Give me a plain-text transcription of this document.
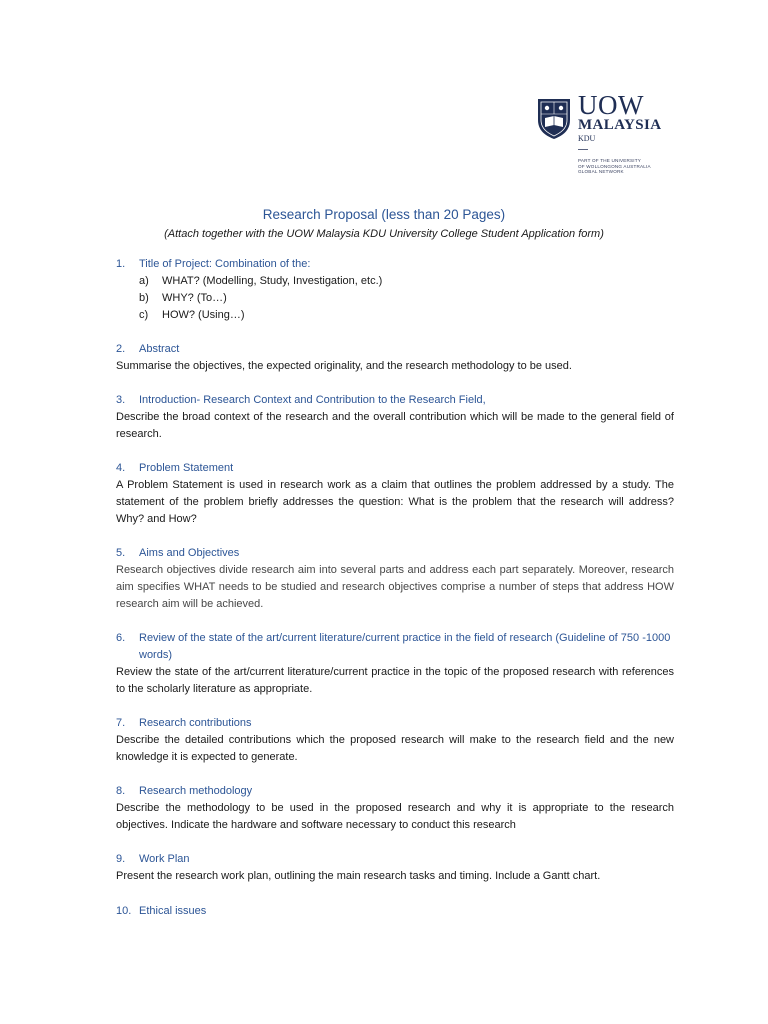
UOW
MALAYSIA
KDU
PART OF THE UNIVERSITY
OF WOLLONGONG AUSTRALIA
GLOBAL NETWORK
Research Proposal (less than 20 Pages)
(Attach together with the UOW Malaysia KDU University College Student Application form)
1. Title of Project: Combination of the:
a) WHAT? (Modelling, Study, Investigation, etc.)
b) WHY? (To…)
c) HOW? (Using…)
2. Abstract
Summarise the objectives, the expected originality, and the research methodology to be used.
3. Introduction- Research Context and Contribution to the Research Field,
Describe the broad context of the research and the overall contribution which will be made to the general field of research.
4. Problem Statement
A Problem Statement is used in research work as a claim that outlines the problem addressed by a study. The statement of the problem briefly addresses the question: What is the problem that the research will address? Why? and How?
5. Aims and Objectives
Research objectives divide research aim into several parts and address each part separately. Moreover, research aim specifies WHAT needs to be studied and research objectives comprise a number of steps that address HOW research aim will be achieved.
6. Review of the state of the art/current literature/current practice in the field of research (Guideline of 750 -1000 words)
Review the state of the art/current literature/current practice in the topic of the proposed research with references to the scholarly literature as appropriate.
7. Research contributions
Describe the detailed contributions which the proposed research will make to the research field and the new knowledge it is expected to generate.
8. Research methodology
Describe the methodology to be used in the proposed research and why it is appropriate to the research objectives. Indicate the hardware and software necessary to conduct this research
9. Work Plan
Present the research work plan, outlining the main research tasks and timing. Include a Gantt chart.
10. Ethical issues
